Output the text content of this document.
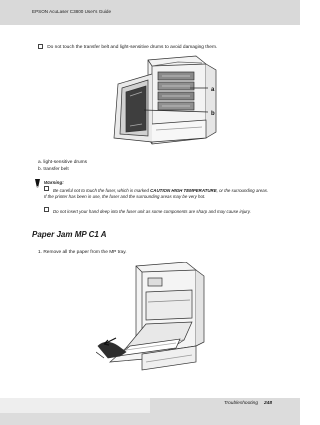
EPSON AcuLaser C3800 User's Guide
Do not touch the transfer belt and light-sensitive drums to avoid damaging them.
a
b
a. light-sensitive drums
b. transfer belt
Warning:
Be careful not to touch the fuser, which is marked CAUTION HIGH TEMPERATURE, or the surrounding areas. If the printer has been in use, the fuser and the surrounding areas may be very hot.
Do not insert your hand deep into the fuser unit as some components are sharp and may cause injury.
Paper Jam MP C1 A
1. Remove all the paper from the MP tray.
Troubleshooting 248
